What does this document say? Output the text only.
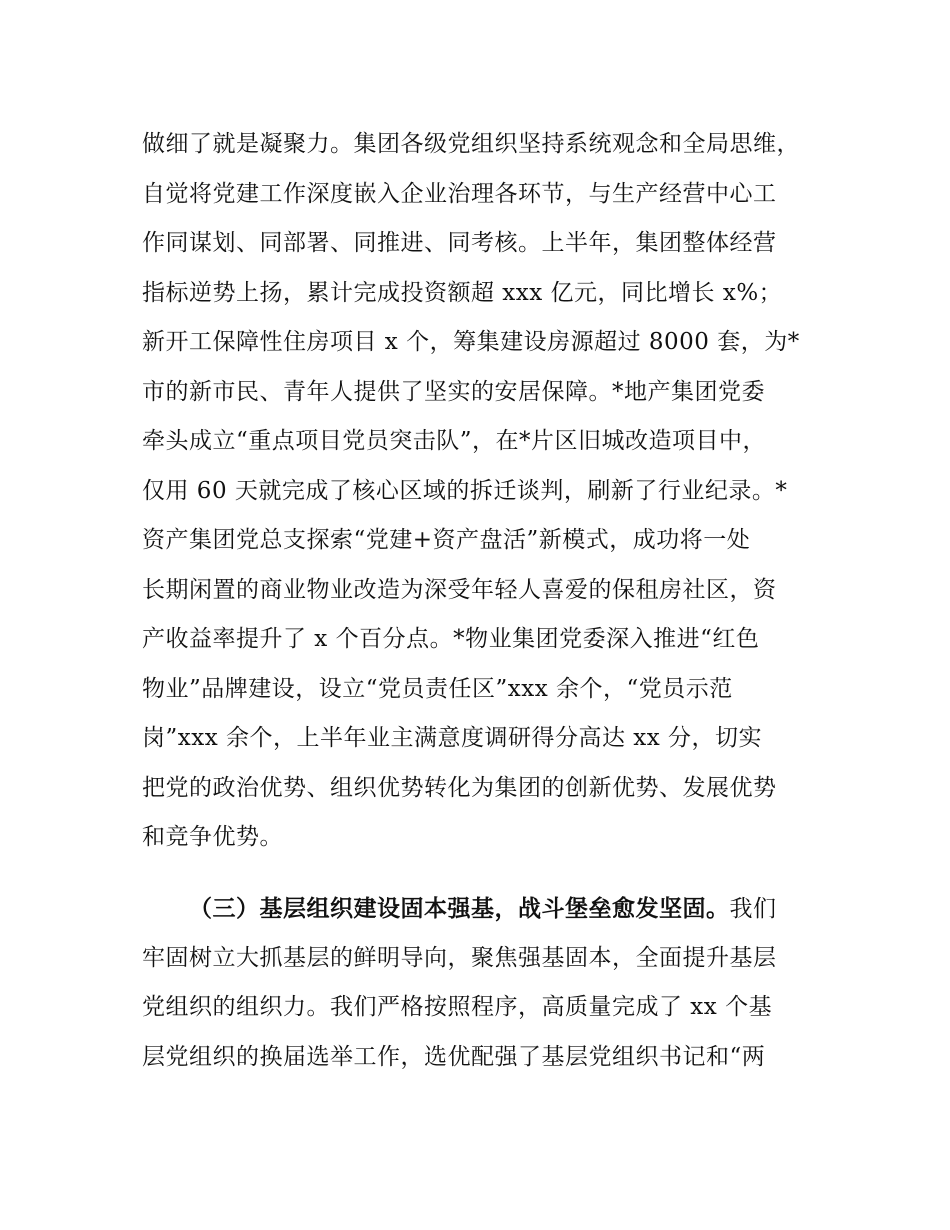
做细了就是凝聚力。集团各级党组织坚持系统观念和全局思维，
自觉将党建工作深度嵌入企业治理各环节，与生产经营中心工
作同谋划、同部署、同推进、同考核。上半年，集团整体经营
指标逆势上扬，累计完成投资额超 xxx 亿元，同比增长 x%；
新开工保障性住房项目 x 个，筹集建设房源超过 8000 套，为*
市的新市民、青年人提供了坚实的安居保障。*地产集团党委
牵头成立“重点项目党员突击队”，在*片区旧城改造项目中，
仅用 60 天就完成了核心区域的拆迁谈判，刷新了行业纪录。*
资产集团党总支探索“党建+资产盘活”新模式，成功将一处
长期闲置的商业物业改造为深受年轻人喜爱的保租房社区，资
产收益率提升了 x 个百分点。*物业集团党委深入推进“红色
物业”品牌建设，设立“党员责任区”xxx 余个，“党员示范
岗”xxx 余个，上半年业主满意度调研得分高达 xx 分，切实
把党的政治优势、组织优势转化为集团的创新优势、发展优势
和竞争优势。
（三）基层组织建设固本强基，战斗堡垒愈发坚固。我们
牢固树立大抓基层的鲜明导向，聚焦强基固本，全面提升基层
党组织的组织力。我们严格按照程序，高质量完成了 xx 个基
层党组织的换届选举工作，选优配强了基层党组织书记和“两
